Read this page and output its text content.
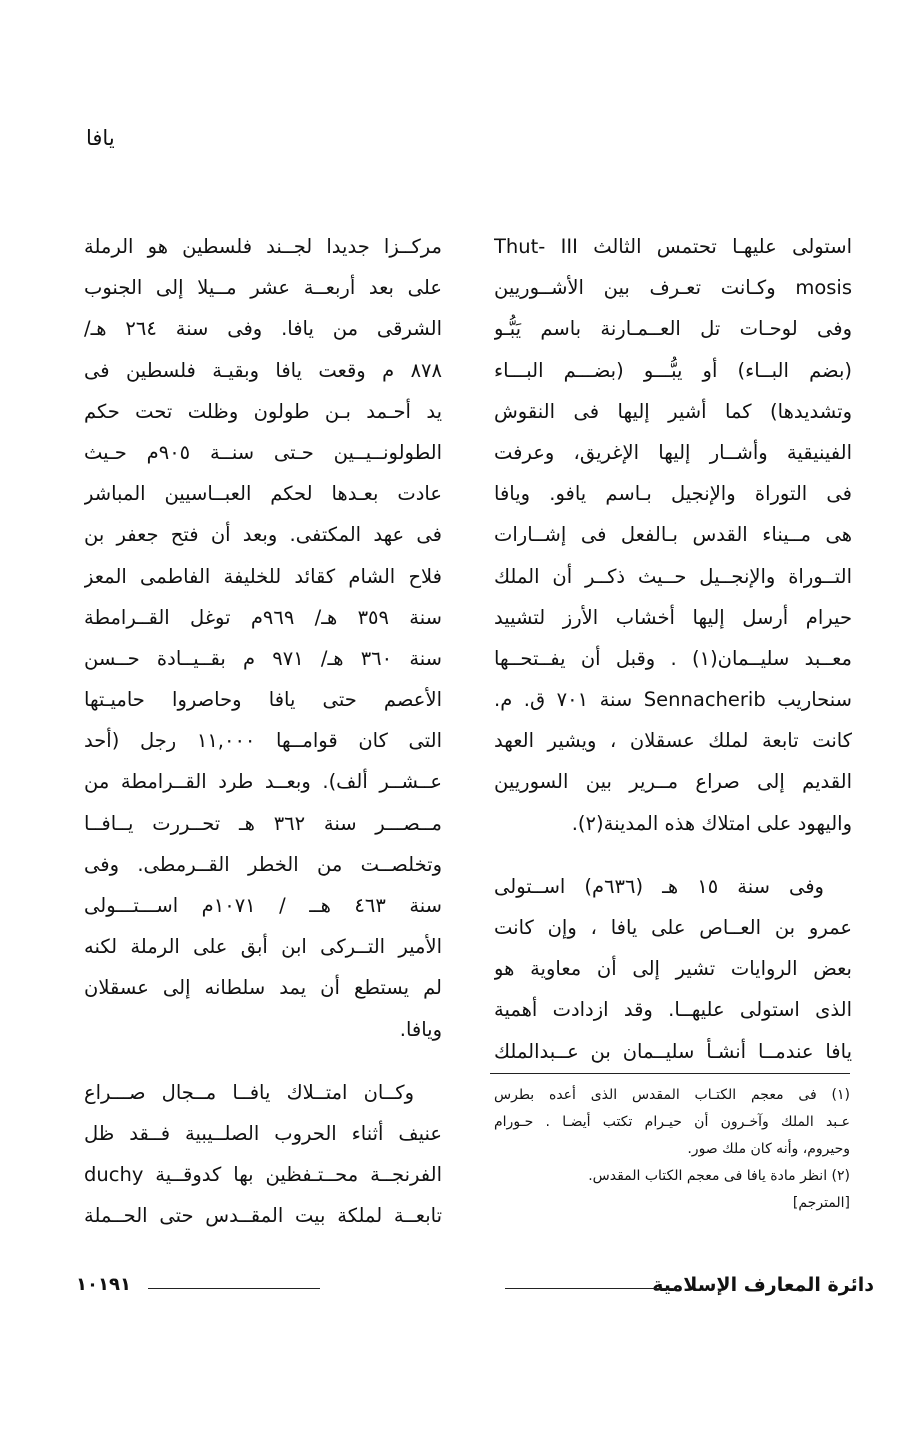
يافا
استولى عليهـا تحتمس الثالث Thut- III
mosis وكـانت تعـرف بين الأشــوريين
وفى لوحـات تل العــمـارنة باسم يَبُّـو
(بضم البــاء) أو يبُّـــو (بضـــم البـــاء
وتشديدها) كما أشير إليها فى النقوش
الفينيقية وأشــار إليها الإغريق، وعرفت
فى التوراة والإنجيل بـاسم يافو. ويافا
هى مــيناء القدس بـالفعل فى إشــارات
التــوراة والإنجــيل حــيث ذكــر أن الملك
حيرام أرسل إليها أخشاب الأرز لتشييد
معــبد سليــمان(١) . وقبل أن يفــتحــها
سنحاريب Sennacherib سنة ٧٠١ ق. م.
كانت تابعة لملك عسقلان ، ويشير العهد
القديم إلى صراع مــرير بين السوريين
واليهود على امتلاك هذه المدينة(٢).
وفى سنة ١٥ هـ (٦٣٦م) اســتولى
عمرو بن العــاص على يافا ، وإن كانت
بعض الروايات تشير إلى أن معاوية هو
الذى استولى عليهــا. وقد ازدادت أهمية
يافا عندمــا أنشـأ سليــمان بن عــبدالملك
(١) فى معجم الكتـاب المقدس الذى أعده بطرس
عـبد الملك وآخـرون أن حيـرام تكتب أيضـا . حـورام
وحيروم، وأنه كان ملك صور.
(٢) انظر مادة يافا فى معجم الكتاب المقدس.
[المترجم]
مركــزا جديدا لجــند فلسطين هو الرملة
على بعد أربعــة عشر مــيلا إلى الجنوب
الشرقى من يافا. وفى سنة ٢٦٤ هـ/
٨٧٨ م وقعت يافا وبقيـة فلسطين فى
يد أحـمد بـن طولون وظلت تحت حكم
الطولونــيــين حـتى سنــة ٩٠٥م حـيث
عادت بعـدها لحكم العبــاسيين المباشر
فى عهد المكتفى. وبعد أن فتح جعفر بن
فلاح الشام كقائد للخليفة الفاطمى المعز
سنة ٣٥٩ هـ/ ٩٦٩م توغل القــرامطة
سنة ٣٦٠ هـ/ ٩٧١ م بقــيــادة حــسن
الأعصم حتى يافا وحاصروا حاميـتها
التى كان قوامــها ١١,٠٠٠ رجل (أحد
عــشــر ألف). وبعــد طرد القــرامطة من
مــصـــر سنة ٣٦٢ هـ تحــررت يــافــا
وتخلصــت من الخطر القــرمطى. وفى
سنة ٤٦٣ هــ / ١٠٧١م اســـتـــولى
الأمير التــركى ابن أبق على الرملة لكنه
لم يستطع أن يمد سلطانه إلى عسقلان
ويافا.
وكــان امتــلاك يافــا مــجال صـــراع
عنيف أثناء الحروب الصلــيبية فــقد ظل
الفرنجــة محــتـفظين بها كدوقــية duchy
تابعــة لملكة بيت المقــدس حتى الحــملة
دائرة المعارف الإسلامية
١٠١٩١
